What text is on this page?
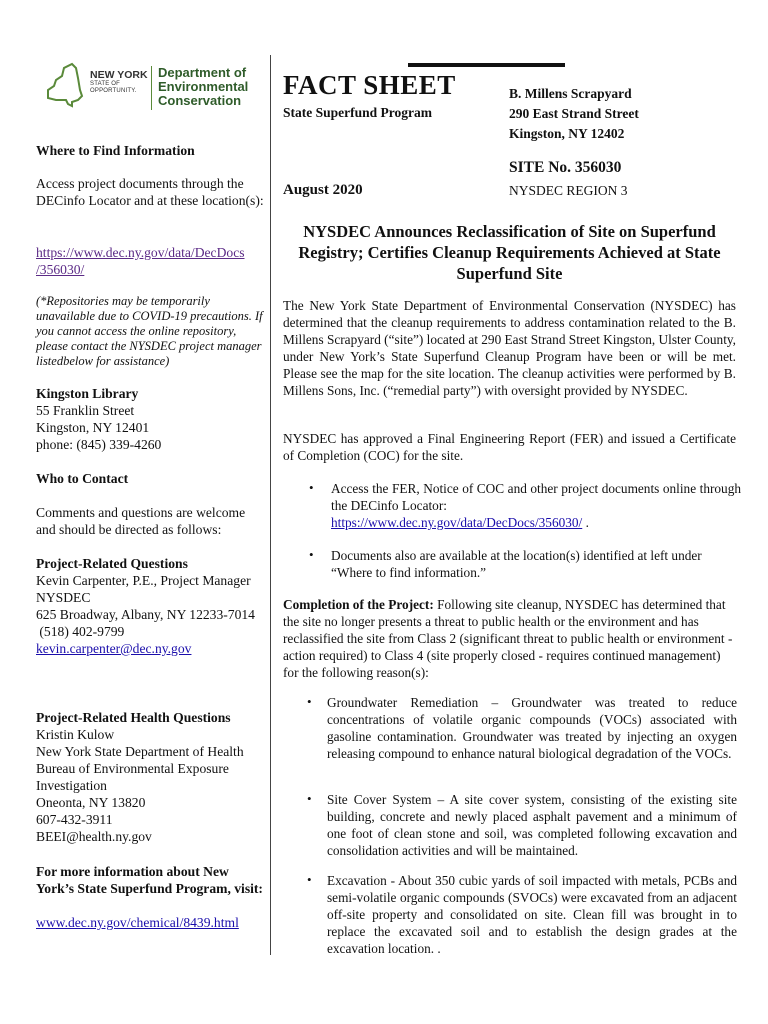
NEW YORK
STATE OF
OPPORTUNITY.
Department of
Environmental
Conservation
Where to Find Information
Access project documents through the DECinfo Locator and at these location(s):
https://www.dec.ny.gov/data/DecDocs
/356030/
(*Repositories may be temporarily unavailable due to COVID-19 precautions. If you cannot access the online repository, please contact the NYSDEC project manager listedbelow for assistance)
Kingston Library
55 Franklin Street
Kingston, NY 12401
phone: (845) 339-4260
Who to Contact
Comments and questions are welcome and should be directed as follows:
Project-Related Questions
Kevin Carpenter, P.E., Project Manager
NYSDEC
625 Broadway, Albany, NY 12233-7014
(518) 402-9799
kevin.carpenter@dec.ny.gov
Project-Related Health Questions
Kristin Kulow
New York State Department of Health Bureau of Environmental Exposure Investigation
Oneonta, NY 13820
607-432-3911
BEEI@health.ny.gov
For more information about New York’s State Superfund Program, visit:
www.dec.ny.gov/chemical/8439.html
FACT SHEET
State Superfund Program
B. Millens Scrapyard
290 East Strand Street
Kingston, NY 12402
SITE No. 356030
August 2020	NYSDEC REGION 3
NYSDEC Announces Reclassification of Site on Superfund Registry; Certifies Cleanup Requirements Achieved at State Superfund Site
The New York State Department of Environmental Conservation (NYSDEC) has determined that the cleanup requirements to address contamination related to the B. Millens Scrapyard (“site”) located at 290 East Strand Street Kingston, Ulster County, under New York’s State Superfund Cleanup Program have been or will be met. Please see the map for the site location. The cleanup activities were performed by B. Millens Sons, Inc. (“remedial party”) with oversight provided by NYSDEC.
NYSDEC has approved a Final Engineering Report (FER) and issued a Certificate of Completion (COC) for the site.
• Access the FER, Notice of COC and other project documents online through the DECinfo Locator:
https://www.dec.ny.gov/data/DecDocs/356030/ .
• Documents also are available at the location(s) identified at left under “Where to find information.”
Completion of the Project: Following site cleanup, NYSDEC has determined that the site no longer presents a threat to public health or the environment and has reclassified the site from Class 2 (significant threat to public health or environment - action required) to Class 4 (site properly closed - requires continued management) for the following reason(s):
• Groundwater Remediation – Groundwater was treated to reduce concentrations of volatile organic compounds (VOCs) associated with gasoline contamination. Groundwater was treated by injecting an oxygen releasing compound to enhance natural biological degradation of the VOCs.
• Site Cover System – A site cover system, consisting of the existing site building, concrete and newly placed asphalt pavement and a minimum of one foot of clean stone and soil, was completed following excavation and consolidation activities and will be maintained.
• Excavation - About 350 cubic yards of soil impacted with metals, PCBs and semi-volatile organic compounds (SVOCs) were excavated from an adjacent off-site property and consolidated on site. Clean fill was brought in to replace the excavated soil and to establish the design grades at the excavation location. .
